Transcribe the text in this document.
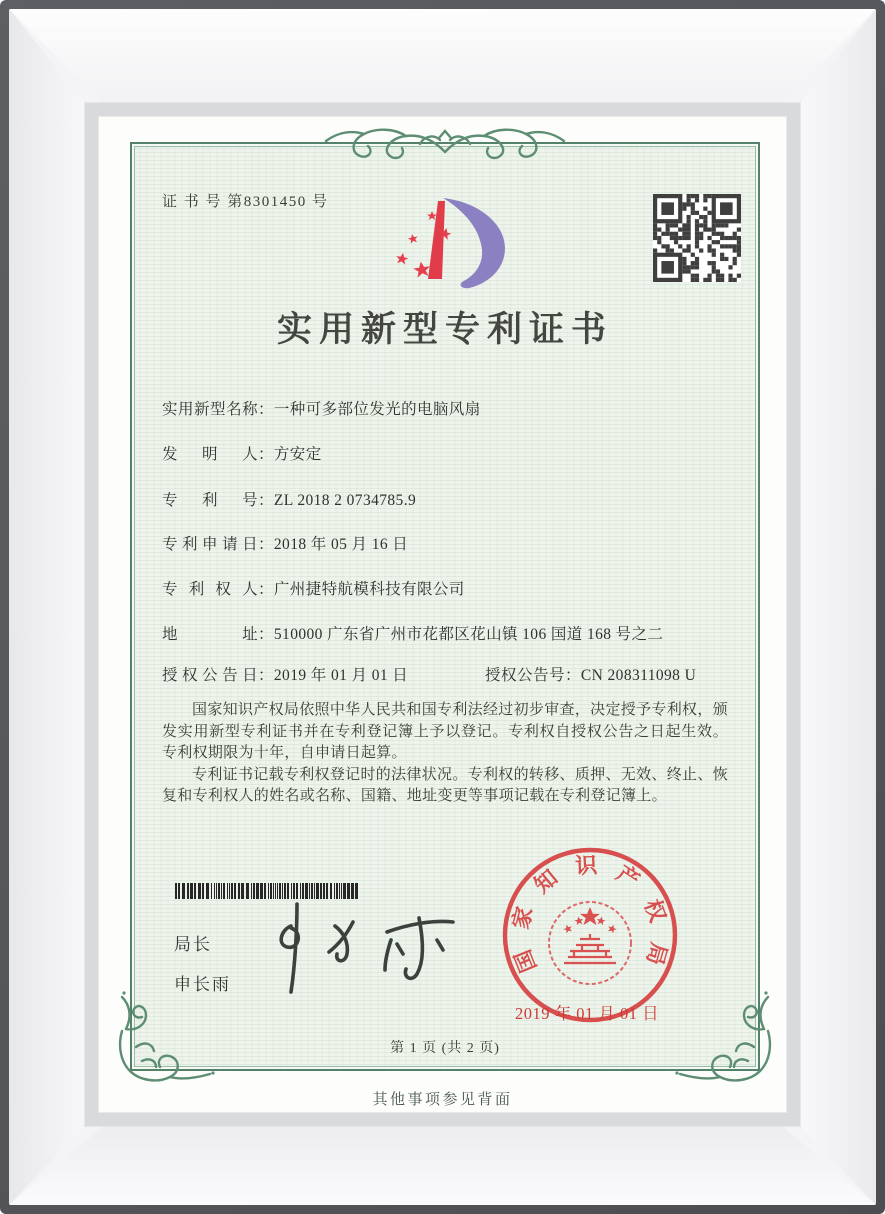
证 书 号 第8301450 号
实用新型专利证书
实用新型名称：一种可多部位发光的电脑风扇
发明人：方安定
专利号：ZL 2018 2 0734785.9
专利申请日：2018 年 05 月 16 日
专利权人：广州捷特航模科技有限公司
地址：510000 广东省广州市花都区花山镇 106 国道 168 号之二
授权公告日：2019 年 01 月 01 日	授权公告号：CN 208311098 U

国家知识产权局依照中华人民共和国专利法经过初步审查，决定授予专利权，颁发实用新型专利证书并在专利登记簿上予以登记。专利权自授权公告之日起生效。专利权期限为十年，自申请日起算。

专利证书记载专利权登记时的法律状况。专利权的转移、质押、无效、终止、恢复和专利权人的姓名或名称、国籍、地址变更等事项记载在专利登记簿上。

局长
申长雨
国
家
知 识 产
权
局
2019 年 01 月 01 日
第 1 页 (共 2 页)
其他事项参见背面
